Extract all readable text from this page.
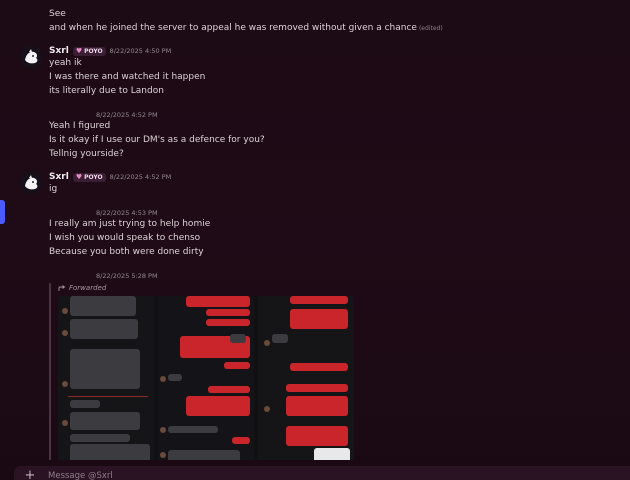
See
and when he joined the server to appeal he was removed without given a chance (edited)
Sxrl ♥ POYO 8/22/2025 4:50 PM
yeah ik
I was there and watched it happen
its literally due to Landon
8/22/2025 4:52 PM
Yeah I figured
Is it okay if I use our DM's as a defence for you?
Tellnig yourside?
Sxrl ♥ POYO 8/22/2025 4:52 PM
ig
8/22/2025 4:53 PM
I really am just trying to help homie
I wish you would speak to chenso
Because you both were done dirty
8/22/2025 5:28 PM
Forwarded
+ Message @Sxrl
